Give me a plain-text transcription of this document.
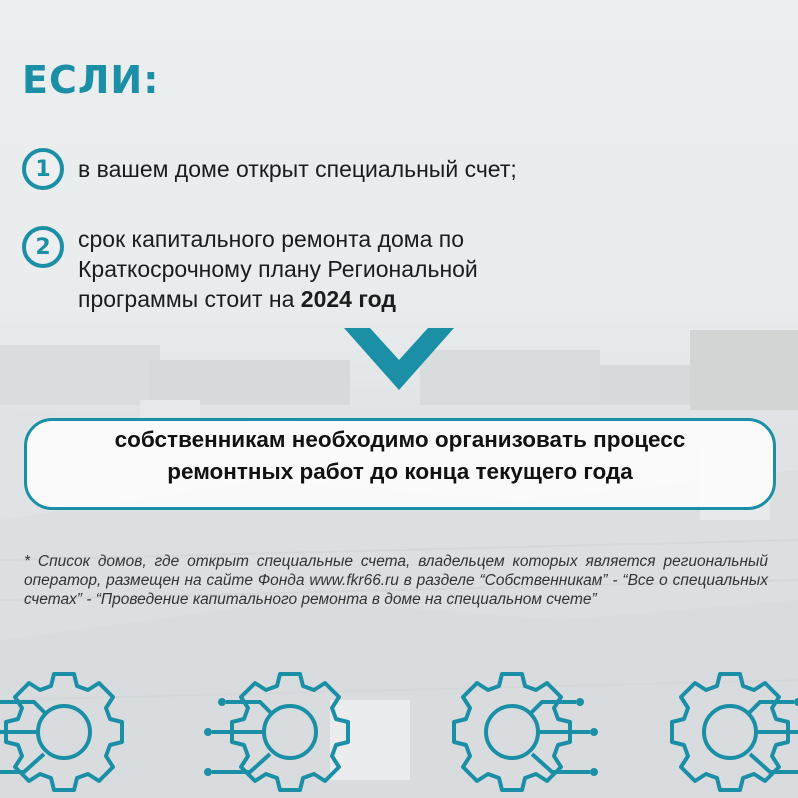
ЕСЛИ:
1	в вашем доме открыт специальный счет;
2	срок капитального ремонта дома по
Краткосрочному плану Региональной
программы стоит на 2024 год
собственникам необходимо организовать процесс
ремонтных работ до конца текущего года
* Список домов, где открыт специальные счета, владельцем которых является региональный оператор, размещен на сайте Фонда www.fkr66.ru в разделе “Собственникам” - “Все о специальных счетах” - “Проведение капитального ремонта в доме на специальном счете”
